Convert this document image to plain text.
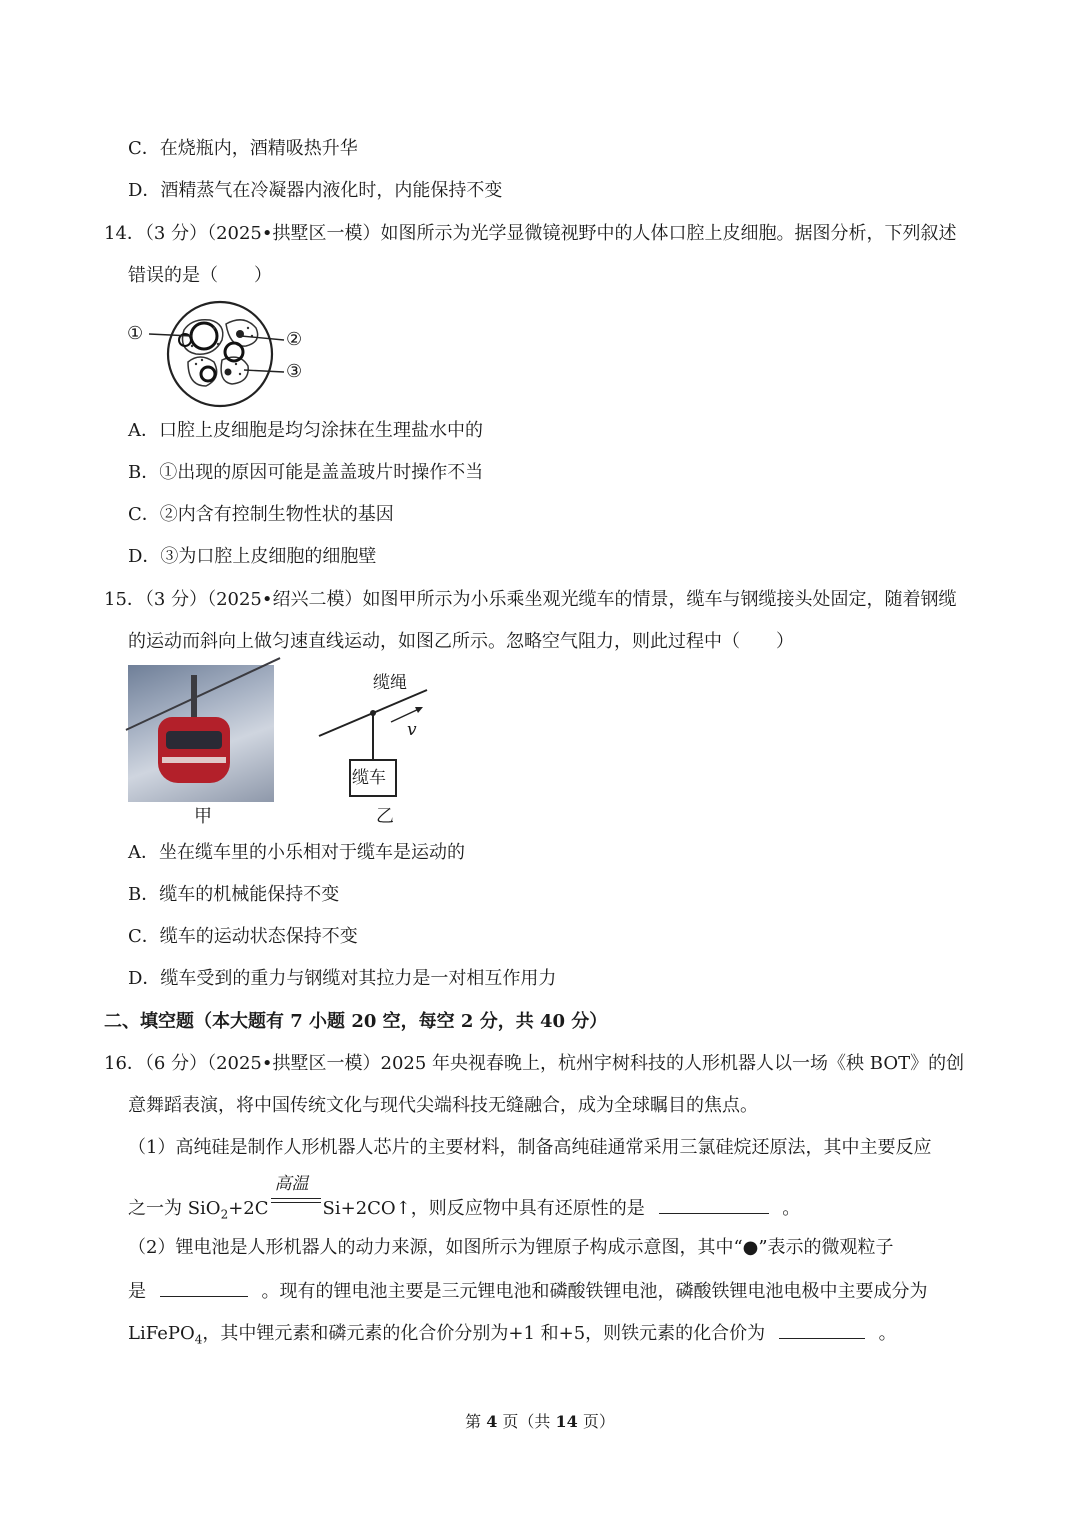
C．在烧瓶内，酒精吸热升华
D．酒精蒸气在冷凝器内液化时，内能保持不变
14．（3 分）（2025•拱墅区一模）如图所示为光学显微镜视野中的人体口腔上皮细胞。据图分析，下列叙述
错误的是（　　）
①	②
③
A．口腔上皮细胞是均匀涂抹在生理盐水中的
B．①出现的原因可能是盖盖玻片时操作不当
C．②内含有控制生物性状的基因
D．③为口腔上皮细胞的细胞壁
15．（3 分）（2025•绍兴二模）如图甲所示为小乐乘坐观光缆车的情景，缆车与钢缆接头处固定，随着钢缆
的运动而斜向上做匀速直线运动，如图乙所示。忽略空气阻力，则此过程中（　　）
甲
缆绳
v
缆车
乙
A．坐在缆车里的小乐相对于缆车是运动的
B．缆车的机械能保持不变
C．缆车的运动状态保持不变
D．缆车受到的重力与钢缆对其拉力是一对相互作用力
二、填空题（本大题有 7 小题 20 空，每空 2 分，共 40 分）
16．（6 分）（2025•拱墅区一模）2025 年央视春晚上，杭州宇树科技的人形机器人以一场《秧 BOT》的创
意舞蹈表演，将中国传统文化与现代尖端科技无缝融合，成为全球瞩目的焦点。
（1）高纯硅是制作人形机器人芯片的主要材料，制备高纯硅通常采用三氯硅烷还原法，其中主要反应
之一为 SiO$_2$+2C
高温
Si+2CO↑，则反应物中具有还原性的是	。
（2）锂电池是人形机器人的动力来源，如图所示为锂原子构成示意图，其中“●”表示的微观粒子
是	。现有的锂电池主要是三元锂电池和磷酸铁锂电池，磷酸铁锂电池电极中主要成分为
LiFePO$_4$，其中锂元素和磷元素的化合价分别为+1 和+5，则铁元素的化合价为	。
第 4 页（共 14 页）
